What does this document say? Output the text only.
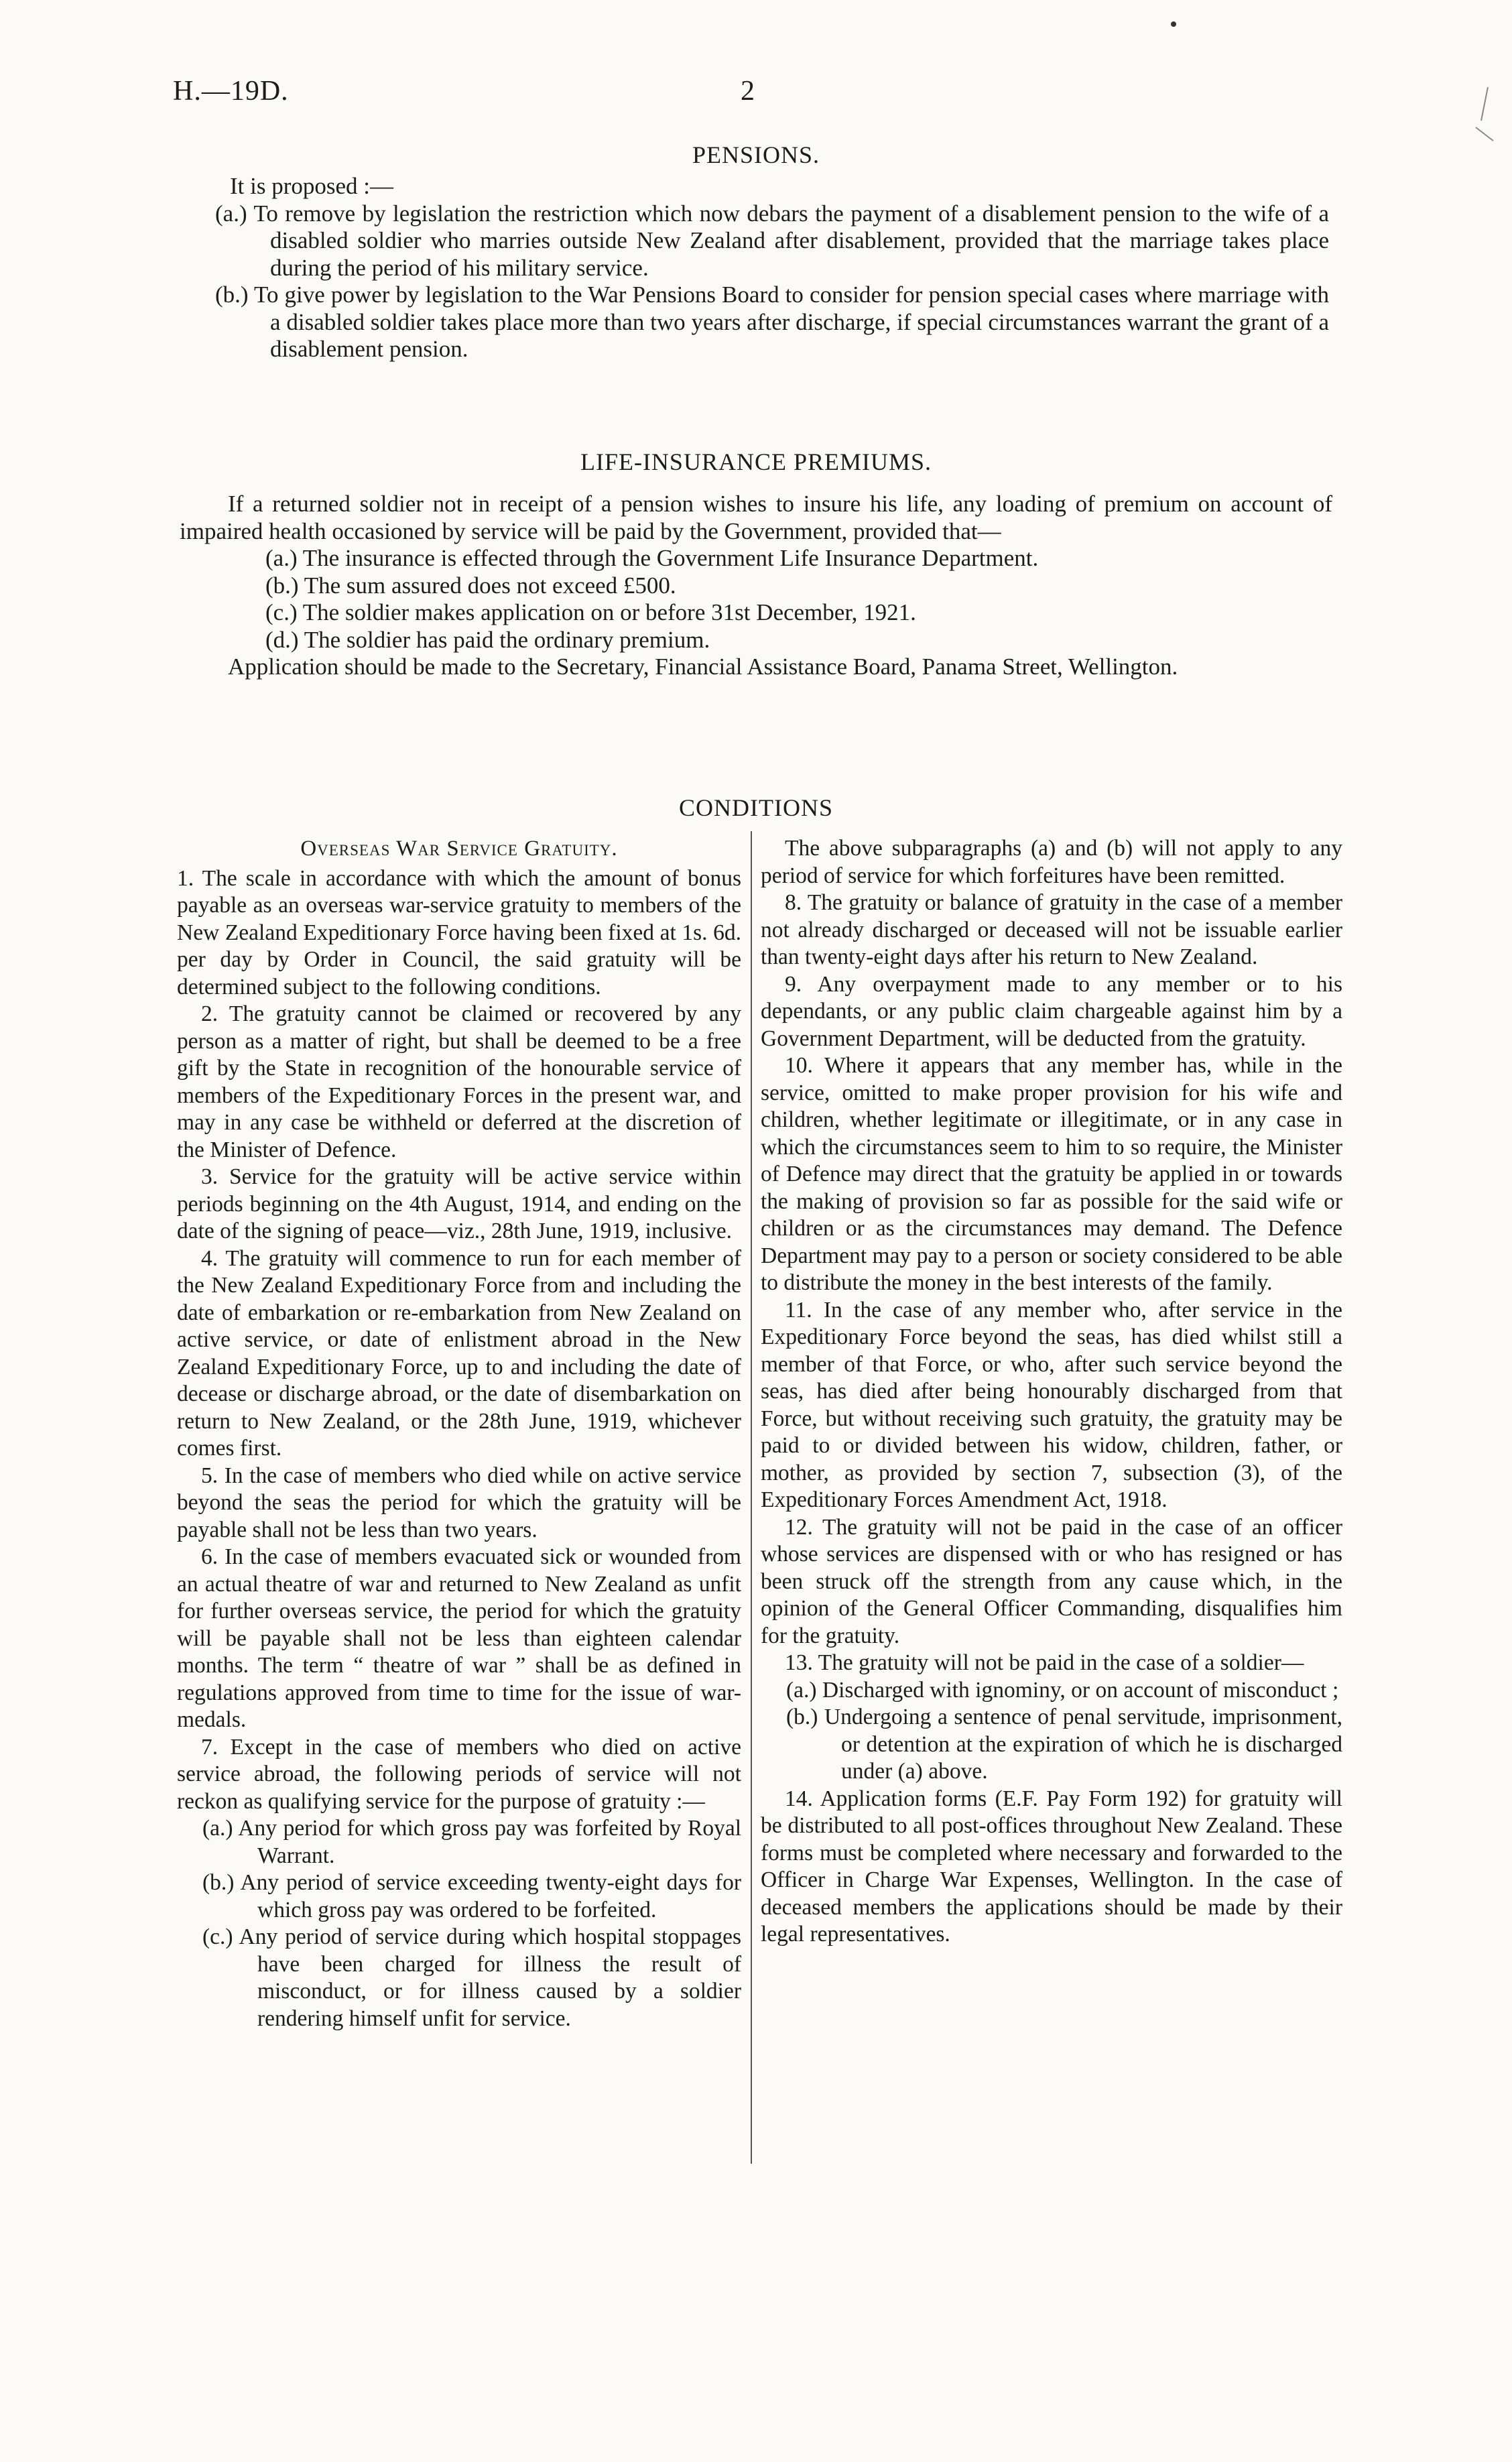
H.—19D.	2
PENSIONS.

It is proposed :—

(a.) To remove by legislation the restriction which now debars the payment of a disablement pension to the wife of a disabled soldier who marries outside New Zealand after disablement, provided that the marriage takes place during the period of his military service.

(b.) To give power by legislation to the War Pensions Board to consider for pension special cases where marriage with a disabled soldier takes place more than two years after discharge, if special circumstances warrant the grant of a disablement pension.

LIFE-INSURANCE PREMIUMS.

If a returned soldier not in receipt of a pension wishes to insure his life, any loading of premium on account of impaired health occasioned by service will be paid by the Government, provided that—

(a.) The insurance is effected through the Government Life Insurance Department.

(b.) The sum assured does not exceed £500.

(c.) The soldier makes application on or before 31st December, 1921.

(d.) The soldier has paid the ordinary premium.

Application should be made to the Secretary, Financial Assistance Board, Panama Street, Wellington.

CONDITIONS

Overseas War Service Gratuity.

1. The scale in accordance with which the amount of bonus payable as an overseas war-service gratuity to members of the New Zealand Expeditionary Force having been fixed at 1s. 6d. per day by Order in Council, the said gratuity will be determined subject to the following conditions.

2. The gratuity cannot be claimed or recovered by any person as a matter of right, but shall be deemed to be a free gift by the State in recognition of the honourable service of members of the Expeditionary Forces in the present war, and may in any case be withheld or deferred at the discretion of the Minister of Defence.

3. Service for the gratuity will be active service within periods beginning on the 4th August, 1914, and ending on the date of the signing of peace—viz., 28th June, 1919, inclusive.

4. The gratuity will commence to run for each member of the New Zealand Expeditionary Force from and including the date of embarkation or re-embarkation from New Zealand on active service, or date of enlistment abroad in the New Zealand Expeditionary Force, up to and including the date of decease or discharge abroad, or the date of disembarkation on return to New Zealand, or the 28th June, 1919, whichever comes first.

5. In the case of members who died while on active service beyond the seas the period for which the gratuity will be payable shall not be less than two years.

6. In the case of members evacuated sick or wounded from an actual theatre of war and returned to New Zealand as unfit for further overseas service, the period for which the gratuity will be payable shall not be less than eighteen calendar months. The term “ theatre of war ” shall be as defined in regulations approved from time to time for the issue of war-medals.

7. Except in the case of members who died on active service abroad, the following periods of service will not reckon as qualifying service for the purpose of gratuity :—

(a.) Any period for which gross pay was forfeited by Royal Warrant.

(b.) Any period of service exceeding twenty-eight days for which gross pay was ordered to be forfeited.

(c.) Any period of service during which hospital stoppages have been charged for illness the result of misconduct, or for illness caused by a soldier rendering himself unfit for service.

The above subparagraphs (a) and (b) will not apply to any period of service for which forfeitures have been remitted.

8. The gratuity or balance of gratuity in the case of a member not already discharged or deceased will not be issuable earlier than twenty-eight days after his return to New Zealand.

9. Any overpayment made to any member or to his dependants, or any public claim chargeable against him by a Government Department, will be deducted from the gratuity.

10. Where it appears that any member has, while in the service, omitted to make proper provision for his wife and children, whether legitimate or illegitimate, or in any case in which the circumstances seem to him to so require, the Minister of Defence may direct that the gratuity be applied in or towards the making of provision so far as possible for the said wife or children or as the circumstances may demand. The Defence Department may pay to a person or society considered to be able to distribute the money in the best interests of the family.

11. In the case of any member who, after service in the Expeditionary Force beyond the seas, has died whilst still a member of that Force, or who, after such service beyond the seas, has died after being honourably discharged from that Force, but without receiving such gratuity, the gratuity may be paid to or divided between his widow, children, father, or mother, as provided by section 7, subsection (3), of the Expeditionary Forces Amendment Act, 1918.

12. The gratuity will not be paid in the case of an officer whose services are dispensed with or who has resigned or has been struck off the strength from any cause which, in the opinion of the General Officer Commanding, disqualifies him for the gratuity.

13. The gratuity will not be paid in the case of a soldier—

(a.) Discharged with ignominy, or on account of misconduct ;

(b.) Undergoing a sentence of penal servitude, imprisonment, or detention at the expiration of which he is discharged under (a) above.

14. Application forms (E.F. Pay Form 192) for gratuity will be distributed to all post-offices throughout New Zealand. These forms must be completed where necessary and forwarded to the Officer in Charge War Expenses, Wellington. In the case of deceased members the applications should be made by their legal representatives.
